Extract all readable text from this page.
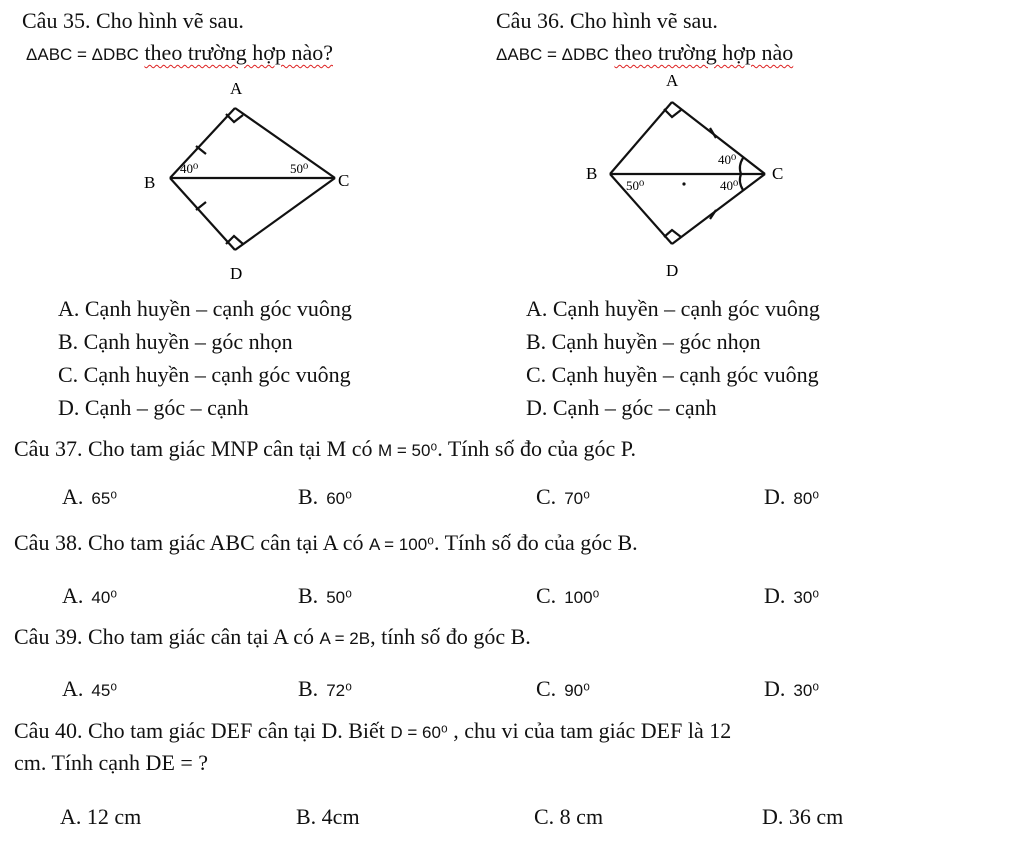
Câu 35. Cho hình vẽ sau.
ΔABC = ΔDBC theo trường hợp nào?
Câu 36. Cho hình vẽ sau.
ΔABC = ΔDBC theo trường hợp nào
A
B	C
D
40⁰	50⁰
A
B	C
D
40⁰
50⁰	40⁰
A. Cạnh huyền – cạnh góc vuông
B. Cạnh huyền – góc nhọn
C. Cạnh huyền – cạnh góc vuông
D. Cạnh – góc – cạnh
A. Cạnh huyền – cạnh góc vuông
B. Cạnh huyền – góc nhọn
C. Cạnh huyền – cạnh góc vuông
D. Cạnh – góc – cạnh
Câu 37. Cho tam giác MNP cân tại M có M = 50⁰. Tính số đo của góc P.
A. 65⁰	B. 60⁰	C. 70⁰	D. 80⁰
Câu 38. Cho tam giác ABC cân tại A có A = 100⁰. Tính số đo của góc B.
A. 40⁰	B. 50⁰	C. 100⁰	D. 30⁰
Câu 39. Cho tam giác cân tại A có A = 2B, tính số đo góc B.
A. 45⁰	B. 72⁰	C. 90⁰	D. 30⁰
Câu 40. Cho tam giác DEF cân tại D. Biết D = 60⁰ , chu vi của tam giác DEF là 12
cm. Tính cạnh DE = ?
A. 12 cm	B. 4cm	C. 8 cm	D. 36 cm
